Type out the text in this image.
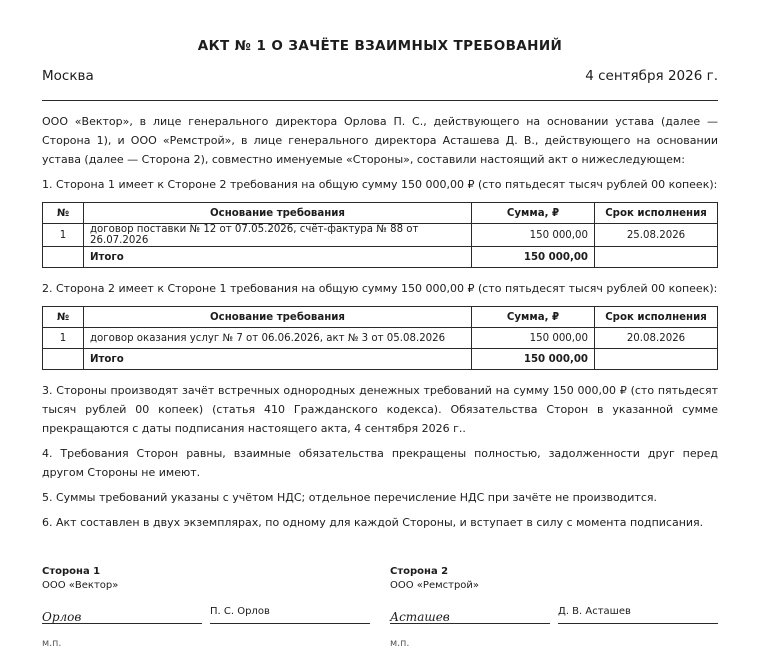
АКТ № 1 О ЗАЧЁТЕ ВЗАИМНЫХ ТРЕБОВАНИЙ
Москва	4 сентября 2026 г.

ООО «Вектор», в лице генерального директора Орлова П. С., действующего на основании устава (далее — Сторона 1), и ООО «Ремстрой», в лице генерального директора Асташева Д. В., действующего на основании устава (далее — Сторона 2), совместно именуемые «Стороны», составили настоящий акт о нижеследующем:

1. Сторона 1 имеет к Стороне 2 требования на общую сумму 150 000,00 ₽ (сто пятьдесят тысяч рублей 00 копеек):

№	Основание требования	Сумма, ₽	Срок исполнения
1	договор поставки № 12 от 07.05.2026, счёт-фактура № 88 от 26.07.2026	150 000,00	25.08.2026
	Итого	150 000,00	

2. Сторона 2 имеет к Стороне 1 требования на общую сумму 150 000,00 ₽ (сто пятьдесят тысяч рублей 00 копеек):

№	Основание требования	Сумма, ₽	Срок исполнения
1	договор оказания услуг № 7 от 06.06.2026, акт № 3 от 05.08.2026	150 000,00	20.08.2026
	Итого	150 000,00	

3. Стороны производят зачёт встречных однородных денежных требований на сумму 150 000,00 ₽ (сто пятьдесят тысяч рублей 00 копеек) (статья 410 Гражданского кодекса). Обязательства Сторон в указанной сумме прекращаются с даты подписания настоящего акта, 4 сентября 2026 г..

4. Требования Сторон равны, взаимные обязательства прекращены полностью, задолженности друг перед другом Стороны не имеют.

5. Суммы требований указаны с учётом НДС; отдельное перечисление НДС при зачёте не производится.

6. Акт составлен в двух экземплярах, по одному для каждой Стороны, и вступает в силу с момента подписания.

Сторона 1
ООО «Вектор»
Орлов	П. С. Орлов
м.п.
Сторона 2
ООО «Ремстрой»
Асташев	Д. В. Асташев
м.п.
